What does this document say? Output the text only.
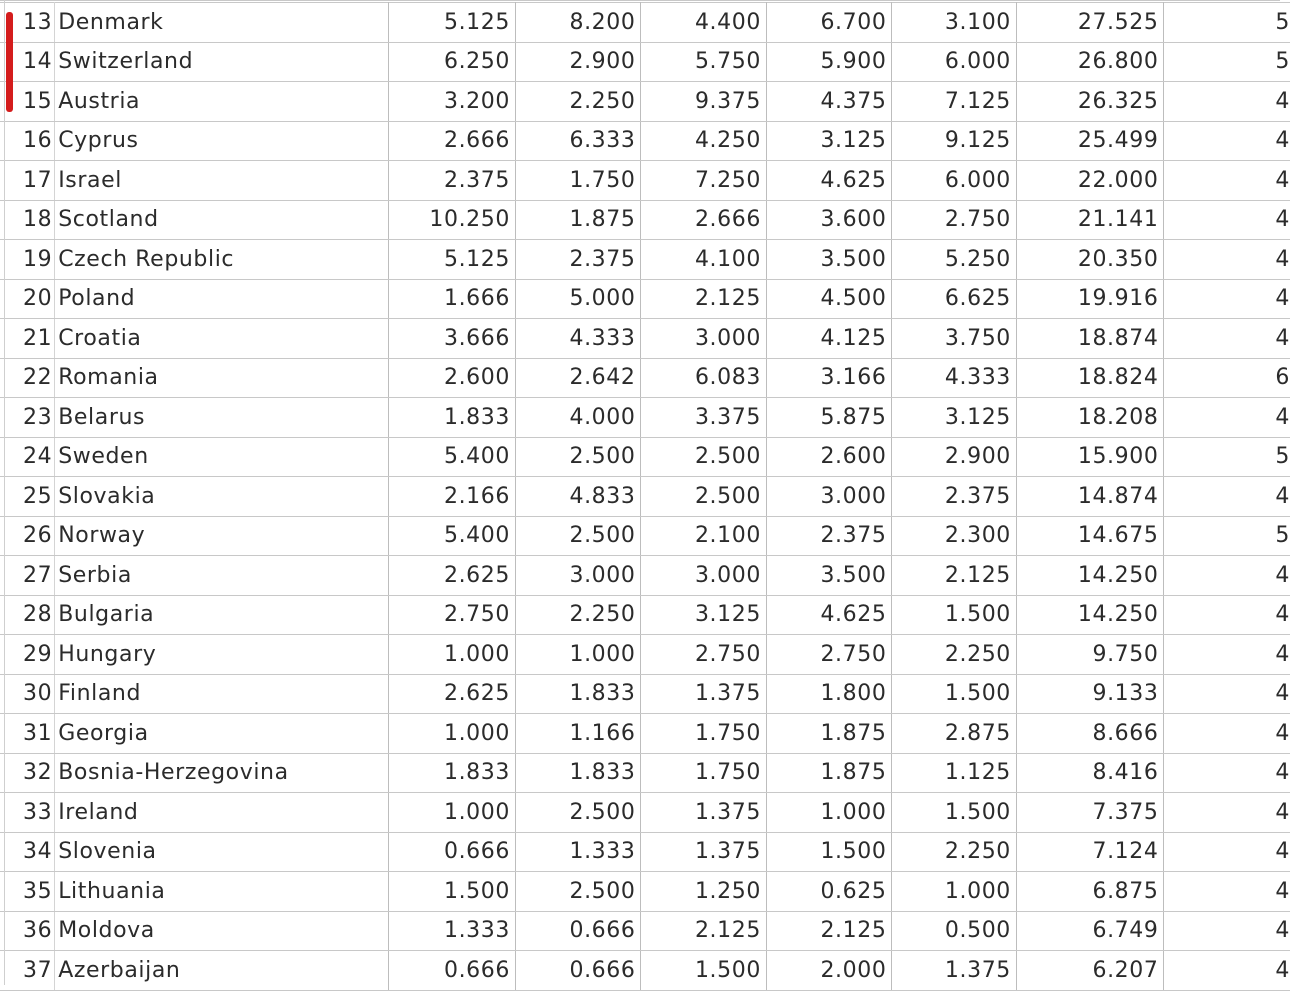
13	Denmark	5.125	8.200	4.400	6.700	3.100	27.525	5
14	Switzerland	6.250	2.900	5.750	5.900	6.000	26.800	5
15	Austria	3.200	2.250	9.375	4.375	7.125	26.325	4
16	Cyprus	2.666	6.333	4.250	3.125	9.125	25.499	4
17	Israel	2.375	1.750	7.250	4.625	6.000	22.000	4
18	Scotland	10.250	1.875	2.666	3.600	2.750	21.141	4
19	Czech Republic	5.125	2.375	4.100	3.500	5.250	20.350	4
20	Poland	1.666	5.000	2.125	4.500	6.625	19.916	4
21	Croatia	3.666	4.333	3.000	4.125	3.750	18.874	4
22	Romania	2.600	2.642	6.083	3.166	4.333	18.824	6
23	Belarus	1.833	4.000	3.375	5.875	3.125	18.208	4
24	Sweden	5.400	2.500	2.500	2.600	2.900	15.900	5
25	Slovakia	2.166	4.833	2.500	3.000	2.375	14.874	4
26	Norway	5.400	2.500	2.100	2.375	2.300	14.675	5
27	Serbia	2.625	3.000	3.000	3.500	2.125	14.250	4
28	Bulgaria	2.750	2.250	3.125	4.625	1.500	14.250	4
29	Hungary	1.000	1.000	2.750	2.750	2.250	9.750	4
30	Finland	2.625	1.833	1.375	1.800	1.500	9.133	4
31	Georgia	1.000	1.166	1.750	1.875	2.875	8.666	4
32	Bosnia-Herzegovina	1.833	1.833	1.750	1.875	1.125	8.416	4
33	Ireland	1.000	2.500	1.375	1.000	1.500	7.375	4
34	Slovenia	0.666	1.333	1.375	1.500	2.250	7.124	4
35	Lithuania	1.500	2.500	1.250	0.625	1.000	6.875	4
36	Moldova	1.333	0.666	2.125	2.125	0.500	6.749	4
37	Azerbaijan	0.666	0.666	1.500	2.000	1.375	6.207	4
